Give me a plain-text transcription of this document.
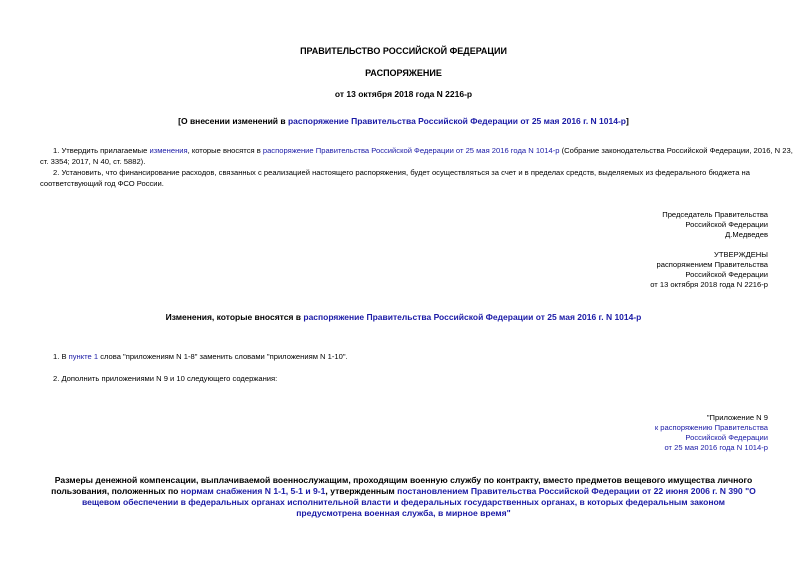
ПРАВИТЕЛЬСТВО РОССИЙСКОЙ ФЕДЕРАЦИИ
РАСПОРЯЖЕНИЕ
от 13 октября 2018 года N 2216-р
[О внесении изменений в распоряжение Правительства Российской Федерации от 25 мая 2016 г. N 1014-р]
1. Утвердить прилагаемые изменения, которые вносятся в распоряжение Правительства Российской Федерации от 25 мая 2016 года N 1014-р (Собрание законодательства Российской Федерации, 2016, N 23,
ст. 3354; 2017, N 40, ст. 5882).
2. Установить, что финансирование расходов, связанных с реализацией настоящего распоряжения, будет осуществляться за счет и в пределах средств, выделяемых из федерального бюджета на
соответствующий год ФСО России.
Председатель Правительства
Российской Федерации
Д.Медведев
УТВЕРЖДЕНЫ
распоряжением Правительства
Российской Федерации
от 13 октября 2018 года N 2216-р
Изменения, которые вносятся в распоряжение Правительства Российской Федерации от 25 мая 2016 г. N 1014-р
1. В пункте 1 слова "приложениям N 1-8" заменить словами "приложениям N 1-10".
2. Дополнить приложениями N 9 и 10 следующего содержания:
"Приложение N 9
к распоряжению Правительства
Российской Федерации
от 25 мая 2016 года N 1014-р
Размеры денежной компенсации, выплачиваемой военнослужащим, проходящим военную службу по контракту, вместо предметов вещевого имущества личного
пользования, положенных по нормам снабжения N 1-1, 5-1 и 9-1, утвержденным постановлением Правительства Российской Федерации от 22 июня 2006 г. N 390 "О
вещевом обеспечении в федеральных органах исполнительной власти и федеральных государственных органах, в которых федеральным законом
предусмотрена военная служба, в мирное время"
